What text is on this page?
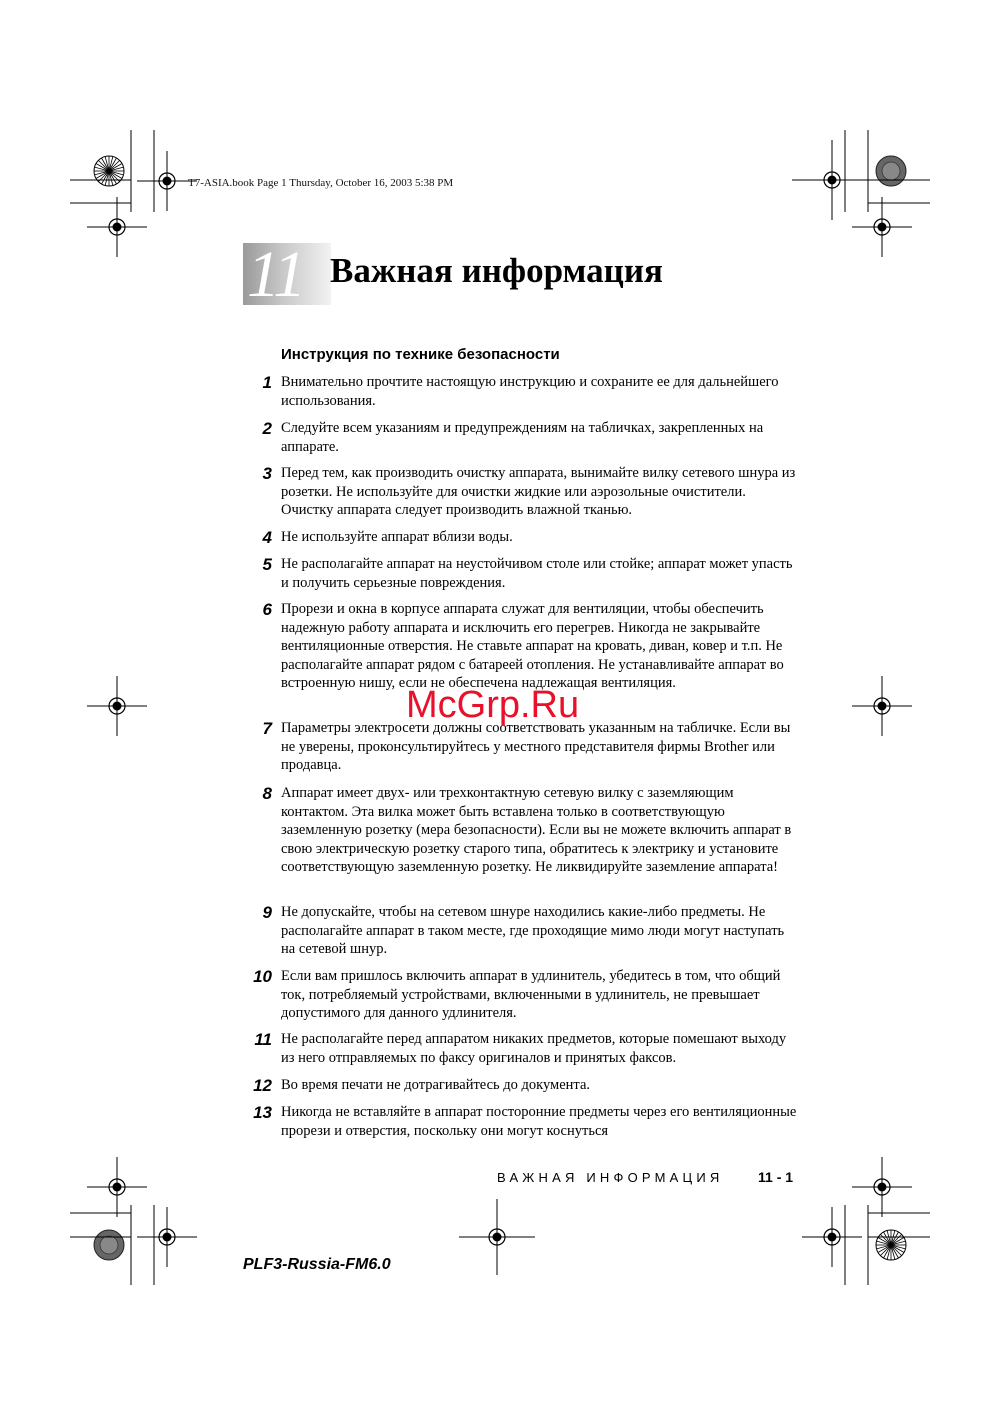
T7-ASIA.book Page 1 Thursday, October 16, 2003 5:38 PM
11 Важная информация
Инструкция по технике безопасности
1 Внимательно прочтите настоящую инструкцию и сохраните ее для дальнейшего использования.
2 Следуйте всем указаниям и предупреждениям на табличках, закрепленных на аппарате.
3 Перед тем, как производить очистку аппарата, вынимайте вилку сетевого шнура из розетки. Не используйте для очистки жидкие или аэрозольные очистители. Очистку аппарата следует производить влажной тканью.
4 Не используйте аппарат вблизи воды.
5 Не располагайте аппарат на неустойчивом столе или стойке; аппарат может упасть и получить серьезные повреждения.
6 Прорези и окна в корпусе аппарата служат для вентиляции, чтобы обеспечить надежную работу аппарата и исключить его перегрев. Никогда не закрывайте вентиляционные отверстия. Не ставьте аппарат на кровать, диван, ковер и т.п. Не располагайте аппарат рядом с батареей отопления. Не устанавливайте аппарат во встроенную нишу, если не обеспечена надлежащая вентиляция.
7 Параметры электросети должны соответствовать указанным на табличке. Если вы не уверены, проконсультируйтесь у местного представителя фирмы Brother или продавца.
8 Аппарат имеет двух- или трехконтактную сетевую вилку с заземляющим контактом. Эта вилка может быть вставлена только в соответствующую заземленную розетку (мера безопасности). Если вы не можете включить аппарат в свою электрическую розетку старого типа, обратитесь к электрику и установите соответствующую заземленную розетку. Не ликвидируйте заземление аппарата!
9 Не допускайте, чтобы на сетевом шнуре находились какие-либо предметы. Не располагайте аппарат в таком месте, где проходящие мимо люди могут наступать на сетевой шнур.
10 Если вам пришлось включить аппарат в удлинитель, убедитесь в том, что общий ток, потребляемый устройствами, включенными в удлинитель, не превышает допустимого для данного удлинителя.
11 Не располагайте перед аппаратом никаких предметов, которые помешают выходу из него отправляемых по факсу оригиналов и принятых факсов.
12 Во время печати не дотрагивайтесь до документа.
13 Никогда не вставляйте в аппарат посторонние предметы через его вентиляционные прорези и отверстия, поскольку они могут коснуться
ВАЖНАЯ ИНФОРМАЦИЯ 11 - 1
PLF3-Russia-FM6.0
McGrp.Ru
